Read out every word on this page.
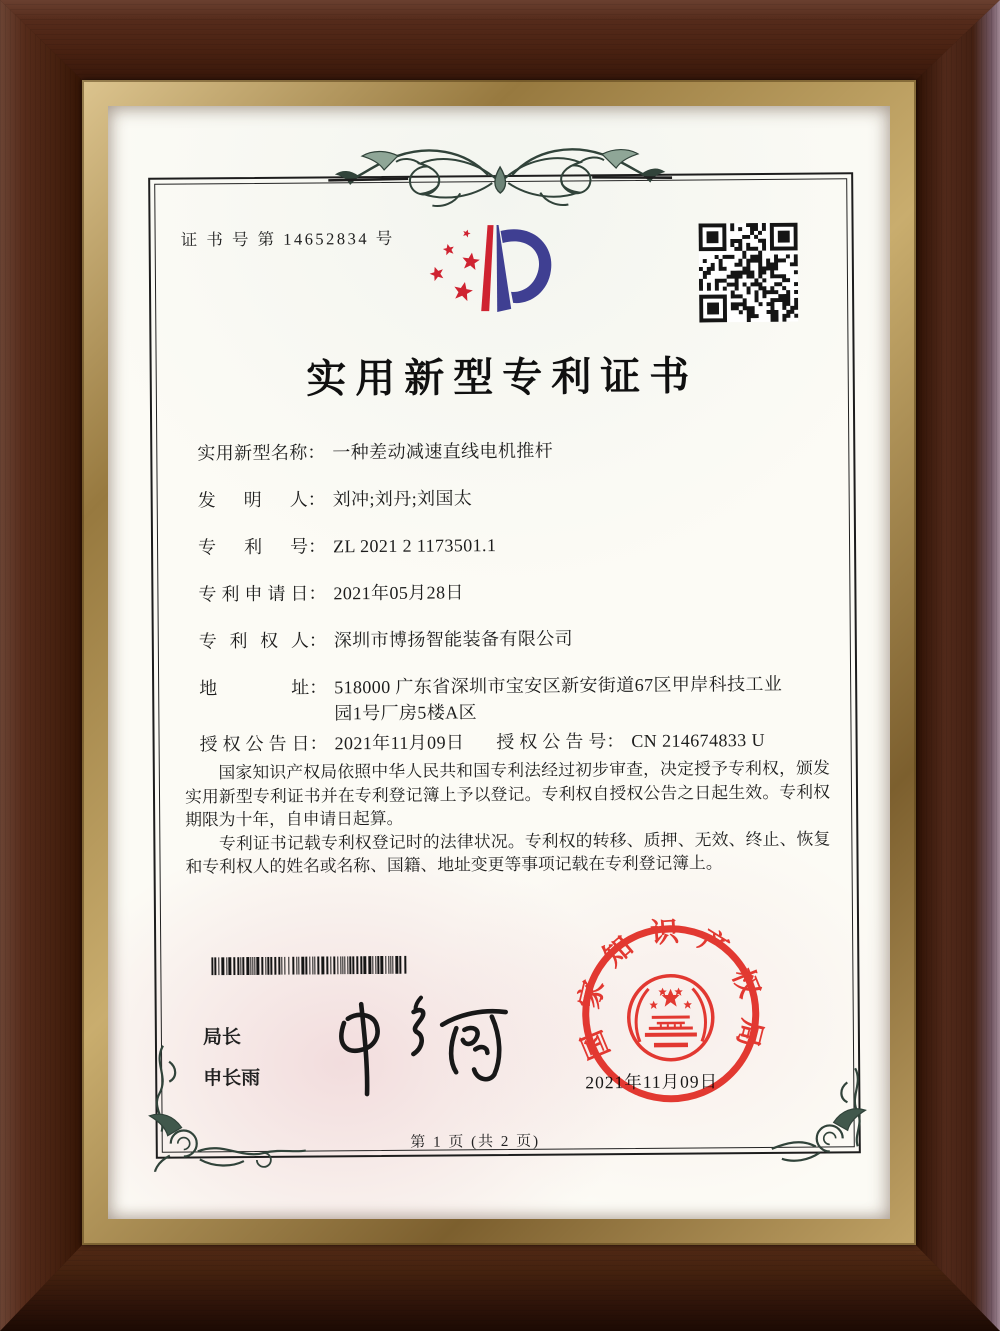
证 书 号 第 14652834 号
实用新型专利证书
实用新型名称 ： 一种差动减速直线电机推杆
发明人 ： 刘冲;刘丹;刘国太
专利号 ： ZL 2021 2 1173501.1
专利申请日 ： 2021年05月28日
专利权人 ： 深圳市博扬智能装备有限公司
地址 ： 518000 广东省深圳市宝安区新安街道67区甲岸科技工业
园1号厂房5楼A区
授权公告日 ： 2021年11月09日 授权公告号 ： CN 214674833 U

国家知识产权局依照中华人民共和国专利法经过初步审查，决定授予专利权，颁发实用新型专利证书并在专利登记簿上予以登记。专利权自授权公告之日起生效。专利权期限为十年，自申请日起算。

专利证书记载专利权登记时的法律状况。专利权的转移、质押、无效、终止、恢复和专利权人的姓名或名称、国籍、地址变更等事项记载在专利登记簿上。

局长
申长雨	2021年11月09日
国家知识产权局
第 1 页 (共 2 页)
